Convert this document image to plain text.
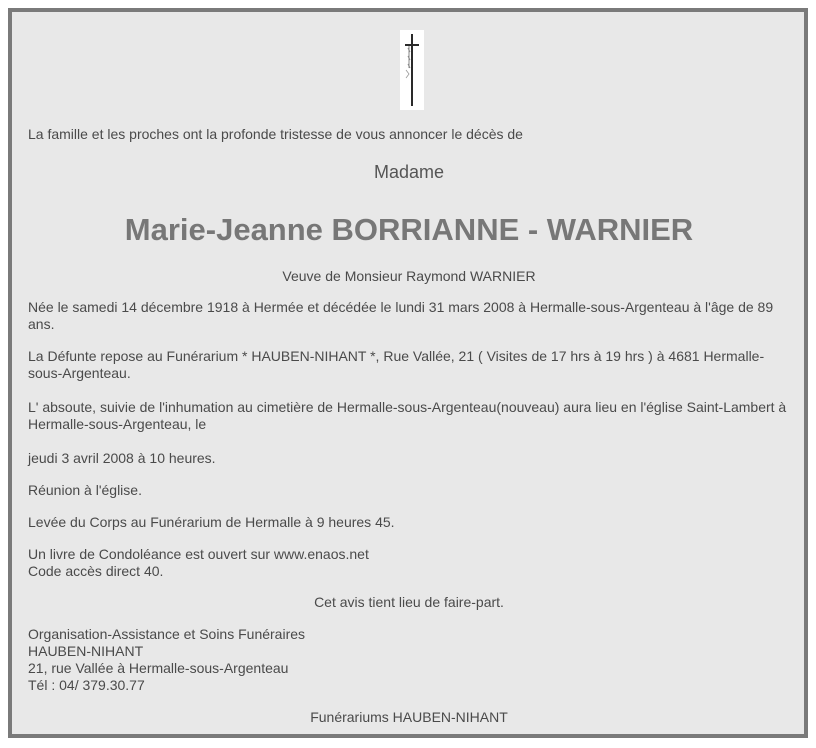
La famille et les proches ont la profonde tristesse de vous annoncer le décès de

Madame

Marie-Jeanne BORRIANNE - WARNIER

Veuve de Monsieur Raymond WARNIER

Née le samedi 14 décembre 1918 à Hermée et décédée le lundi 31 mars 2008 à Hermalle-sous-Argenteau à l'âge de 89 ans.

La Défunte repose au Funérarium * HAUBEN-NIHANT *, Rue Vallée, 21 ( Visites de 17 hrs à 19 hrs ) à 4681 Hermalle-sous-Argenteau.

L' absoute, suivie de l'inhumation au cimetière de Hermalle-sous-Argenteau(nouveau) aura lieu en l'église Saint-Lambert à Hermalle-sous-Argenteau, le

jeudi 3 avril 2008 à 10 heures.

Réunion à l'église.

Levée du Corps au Funérarium de Hermalle à 9 heures 45.

Un livre de Condoléance est ouvert sur www.enaos.net
Code accès direct 40.

Cet avis tient lieu de faire-part.

Organisation-Assistance et Soins Funéraires
HAUBEN-NIHANT
21, rue Vallée à Hermalle-sous-Argenteau
Tél : 04/ 379.30.77

Funérariums HAUBEN-NIHANT
